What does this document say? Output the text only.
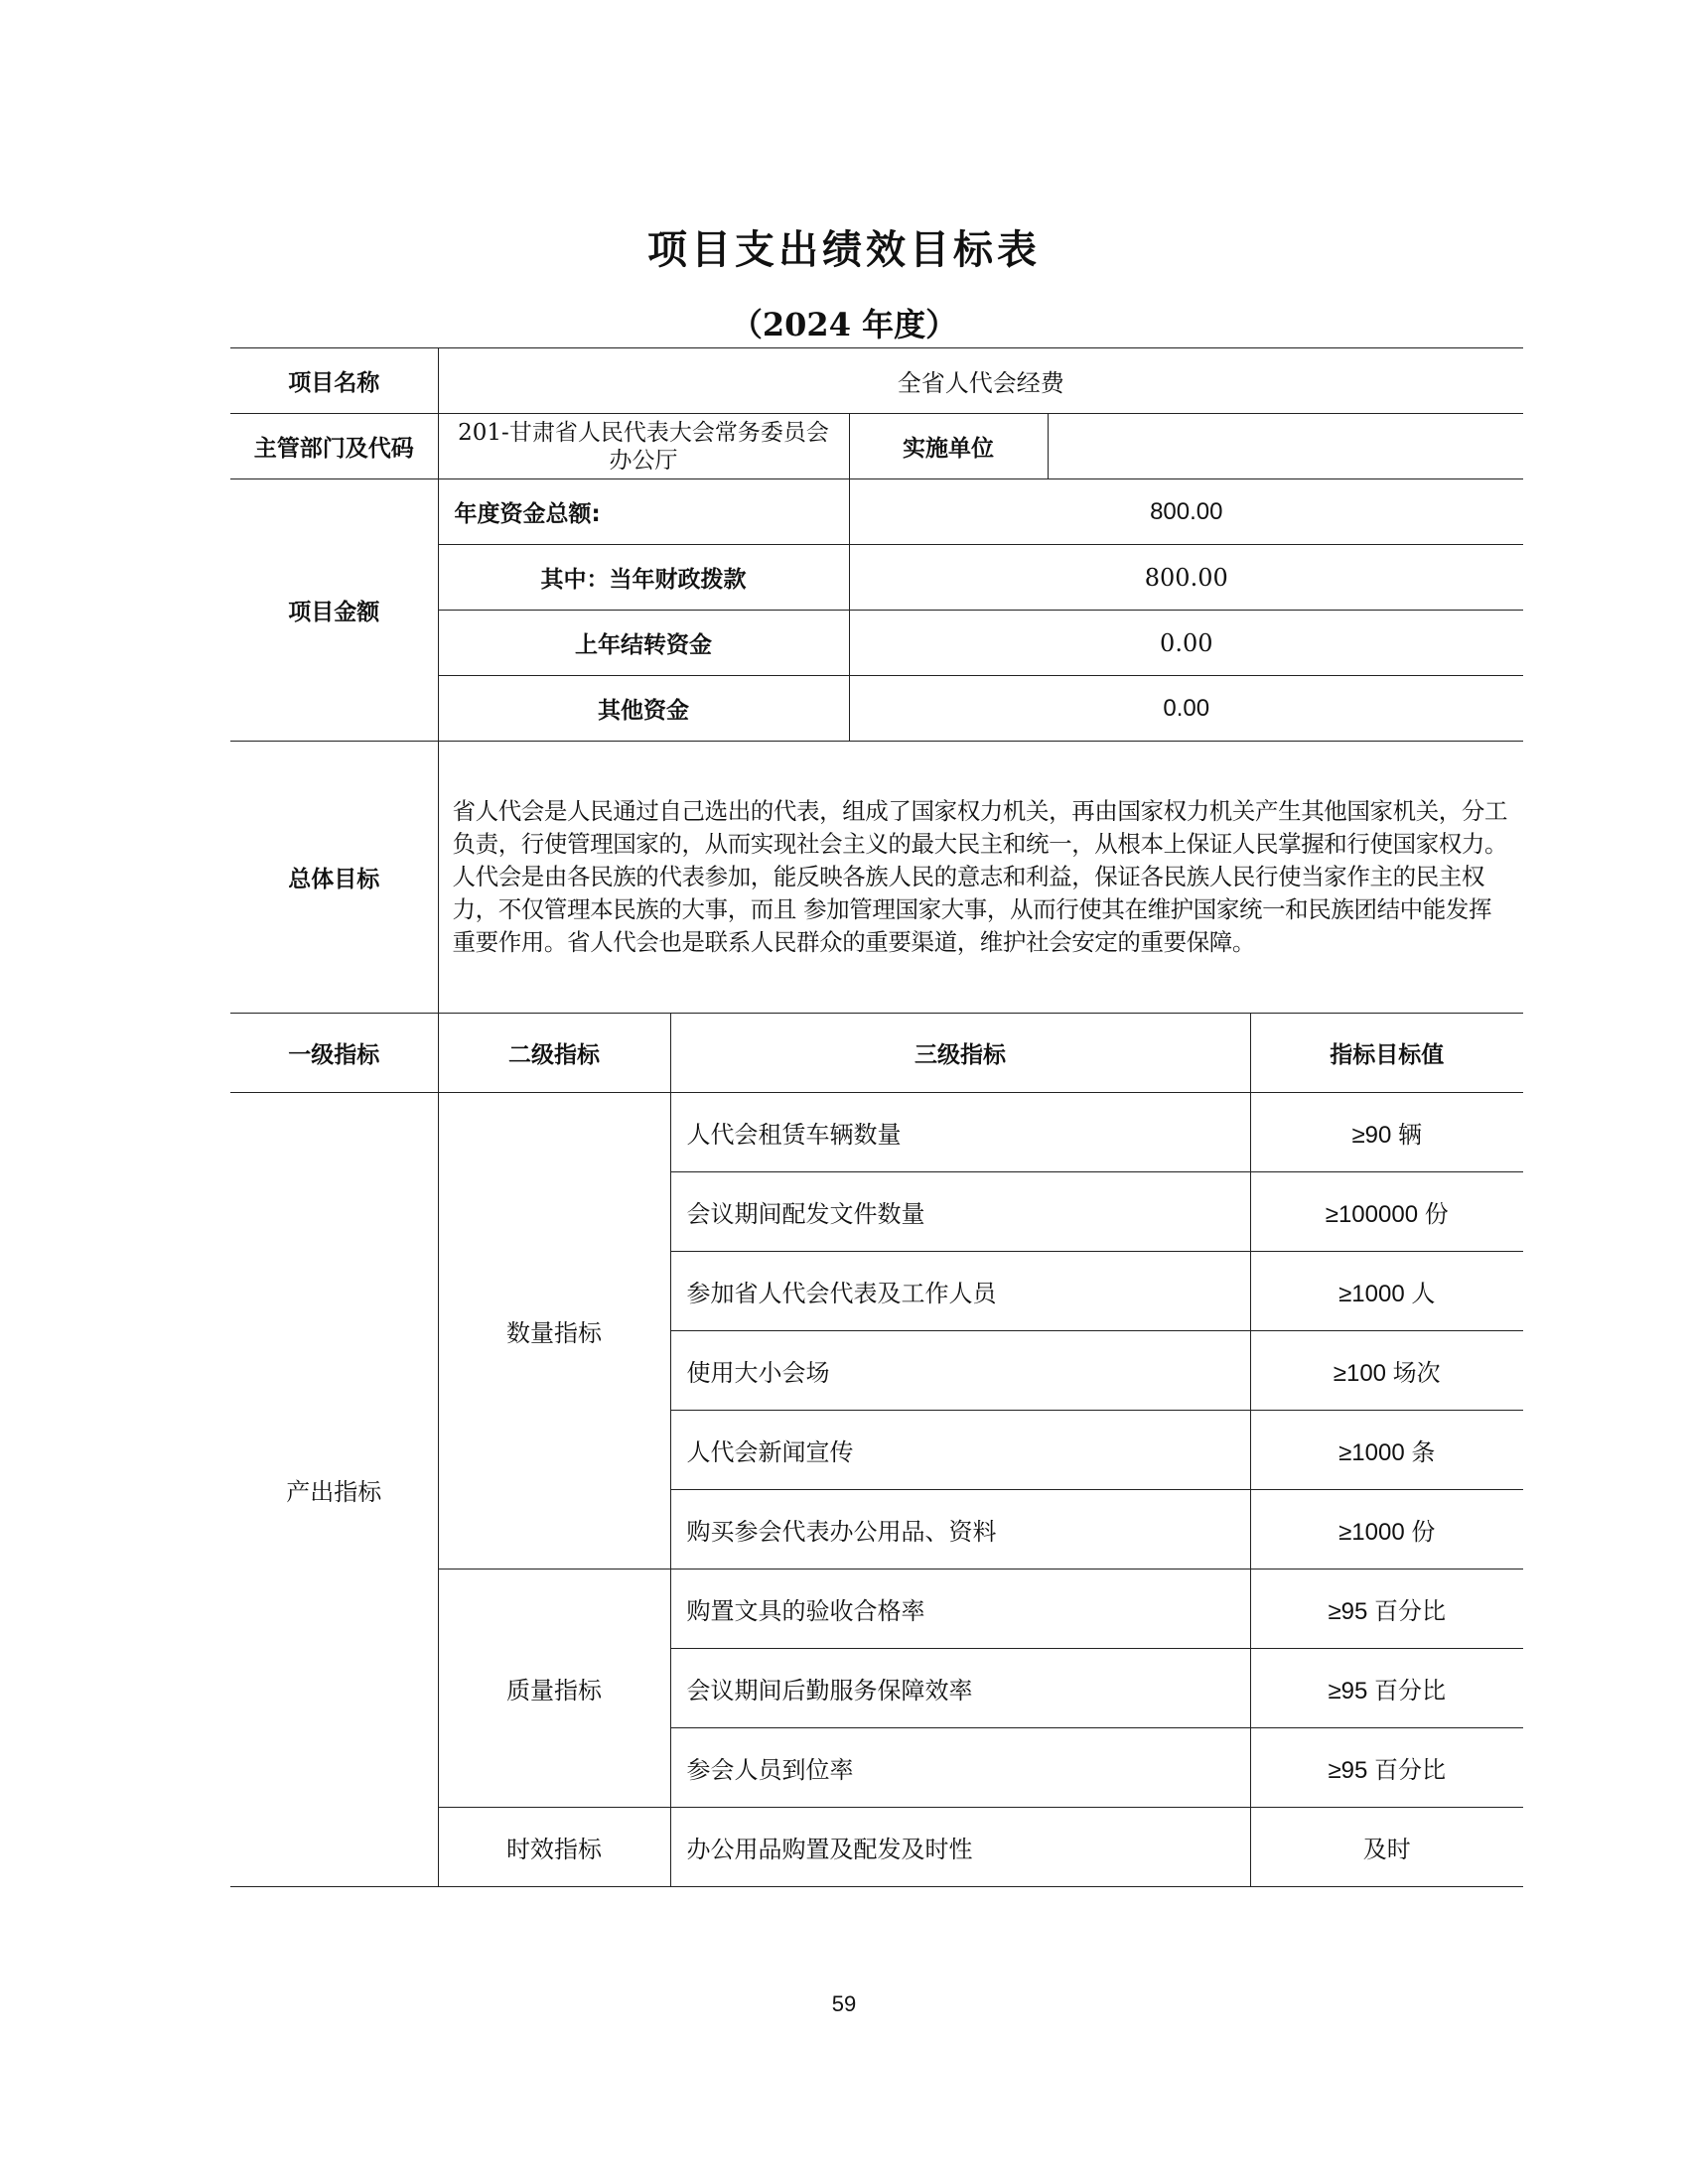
项目支出绩效目标表
（2024 年度）
项目名称	全省人代会经费		
主管部门及代码	201-甘肃省人民代表大会常务委员会办公厅	实施单位	
项目金额	年度资金总额:	800.00	
	其中：当年财政拨款	800.00	
	上年结转资金	0.00	
	其他资金	0.00	
总体目标	省人代会是人民通过自己选出的代表，组成了国家权力机关，再由国家权力机关产生其他国家机关，分工负责，行使管理国家的，从而实现社会主义的最大民主和统一，从根本上保证人民掌握和行使国家权力。人代会是由各民族的代表参加，能反映各族人民的意志和利益，保证各民族人民行使当家作主的民主权力，不仅管理本民族的大事，而且 参加管理国家大事，从而行使其在维护国家统一和民族团结中能发挥重要作用。省人代会也是联系人民群众的重要渠道，维护社会安定的重要保障。		
一级指标	二级指标	三级指标	指标目标值
产出指标	数量指标	人代会租赁车辆数量	≥90 辆
		会议期间配发文件数量	≥100000 份
		参加省人代会代表及工作人员	≥1000 人
		使用大小会场	≥100 场次
		人代会新闻宣传	≥1000 条
		购买参会代表办公用品、资料	≥1000 份
	质量指标	购置文具的验收合格率	≥95 百分比
		会议期间后勤服务保障效率	≥95 百分比
		参会人员到位率	≥95 百分比
	时效指标	办公用品购置及配发及时性	及时
59
